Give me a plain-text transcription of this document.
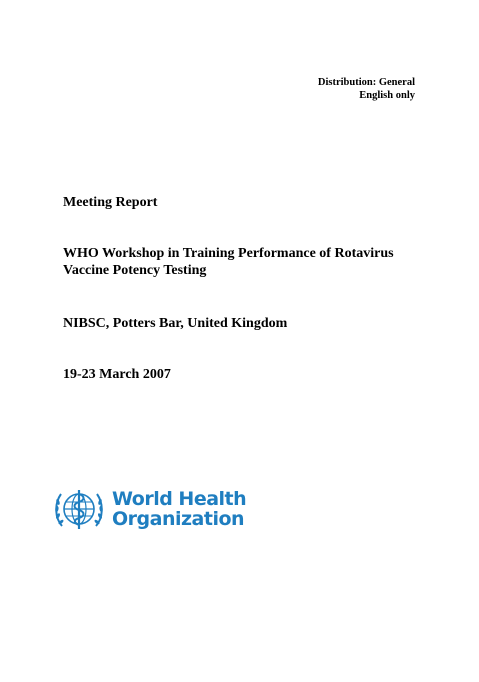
Distribution: General
English only
Meeting Report
WHO Workshop in Training Performance of Rotavirus Vaccine Potency Testing
NIBSC, Potters Bar, United Kingdom
19-23 March 2007
World Health
Organization
